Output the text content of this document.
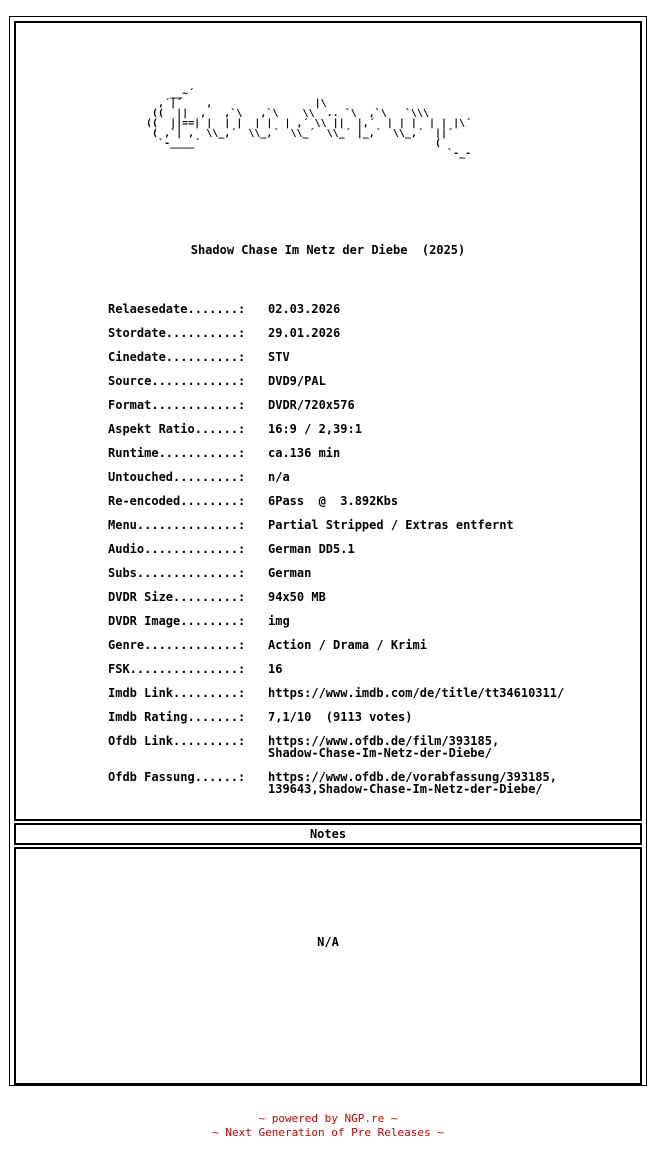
__~´
,´|´    ,                 |\
((  ||  ,   ,`\   ,`\    \\  .. `\  ,`\   `\\\
((  ||==| |  | |  | |  | ,´ \\ ||  |,´  | | |  | | |\´
( ,`| ,  \\_,´  \\_,´  \\_´  \\_´ |_,´  \\_,´  ||´
`-____´                                       (
`-_-
Shadow Chase Im Netz der Diebe  (2025)
Relaesedate.......:	02.03.2026
Stordate..........:	29.01.2026
Cinedate..........:	STV
Source............:	DVD9/PAL
Format............:	DVDR/720x576
Aspekt Ratio......:	16:9 / 2,39:1
Runtime...........:	ca.136 min
Untouched.........:	n/a
Re-encoded........:	6Pass  @  3.892Kbs
Menu..............:	Partial Stripped / Extras entfernt
Audio.............:	German DD5.1
Subs..............:	German
DVDR Size.........:	94x50 MB
DVDR Image........:	img
Genre.............:	Action / Drama / Krimi
FSK...............:	16
Imdb Link.........:	https://www.imdb.com/de/title/tt34610311/
Imdb Rating.......:	7,1/10  (9113 votes)
Ofdb Link.........:	https://www.ofdb.de/film/393185,
Shadow-Chase-Im-Netz-der-Diebe/
Ofdb Fassung......:	https://www.ofdb.de/vorabfassung/393185,
139643,Shadow-Chase-Im-Netz-der-Diebe/
Notes
N/A
~ powered by NGP.re ~
~ Next Generation of Pre Releases ~
